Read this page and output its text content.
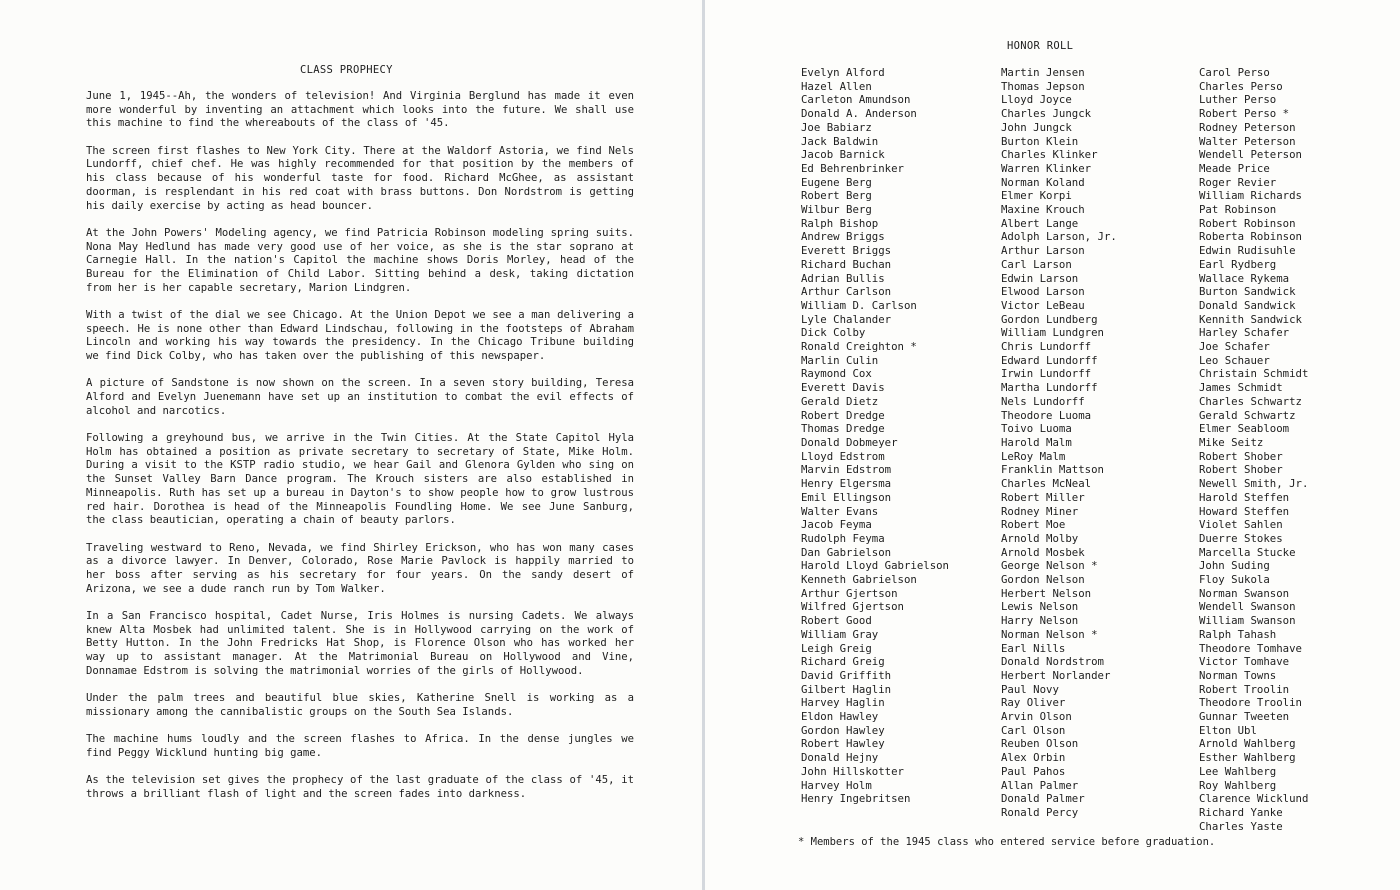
CLASS PROPHECY

June 1, 1945--Ah, the wonders of television! And Virginia Berglund has made it even more wonderful by inventing an attachment which looks into the future. We shall use this machine to find the whereabouts of the class of '45.

The screen first flashes to New York City. There at the Waldorf Astoria, we find Nels Lundorff, chief chef. He was highly recommended for that position by the members of his class because of his wonderful taste for food. Richard McGhee, as assistant doorman, is resplendant in his red coat with brass buttons. Don Nordstrom is getting his daily exercise by acting as head bouncer.

At the John Powers' Modeling agency, we find Patricia Robinson modeling spring suits. Nona May Hedlund has made very good use of her voice, as she is the star soprano at Carnegie Hall. In the nation's Capitol the machine shows Doris Morley, head of the Bureau for the Elimination of Child Labor. Sitting behind a desk, taking dictation from her is her capable secretary, Marion Lindgren.

With a twist of the dial we see Chicago. At the Union Depot we see a man delivering a speech. He is none other than Edward Lindschau, following in the footsteps of Abraham Lincoln and working his way towards the presidency. In the Chicago Tribune building we find Dick Colby, who has taken over the publishing of this newspaper.

A picture of Sandstone is now shown on the screen. In a seven story building, Teresa Alford and Evelyn Juenemann have set up an institution to combat the evil effects of alcohol and narcotics.

Following a greyhound bus, we arrive in the Twin Cities. At the State Capitol Hyla Holm has obtained a position as private secretary to secretary of State, Mike Holm. During a visit to the KSTP radio studio, we hear Gail and Glenora Gylden who sing on the Sunset Valley Barn Dance program. The Krouch sisters are also established in Minneapolis. Ruth has set up a bureau in Dayton's to show people how to grow lustrous red hair. Dorothea is head of the Minneapolis Foundling Home. We see June Sanburg, the class beautician, operating a chain of beauty parlors.

Traveling westward to Reno, Nevada, we find Shirley Erickson, who has won many cases as a divorce lawyer. In Denver, Colorado, Rose Marie Pavlock is happily married to her boss after serving as his secretary for four years. On the sandy desert of Arizona, we see a dude ranch run by Tom Walker.

In a San Francisco hospital, Cadet Nurse, Iris Holmes is nursing Cadets. We always knew Alta Mosbek had unlimited talent. She is in Hollywood carrying on the work of Betty Hutton. In the John Fredricks Hat Shop, is Florence Olson who has worked her way up to assistant manager. At the Matrimonial Bureau on Hollywood and Vine, Donnamae Edstrom is solving the matrimonial worries of the girls of Hollywood.

Under the palm trees and beautiful blue skies, Katherine Snell is working as a missionary among the cannibalistic groups on the South Sea Islands.

The machine hums loudly and the screen flashes to Africa. In the dense jungles we find Peggy Wicklund hunting big game.

As the television set gives the prophecy of the last graduate of the class of '45, it throws a brilliant flash of light and the screen fades into darkness.

HONOR ROLL
Evelyn Alford
Hazel Allen
Carleton Amundson
Donald A. Anderson
Joe Babiarz
Jack Baldwin
Jacob Barnick
Ed Behrenbrinker
Eugene Berg
Robert Berg
Wilbur Berg
Ralph Bishop
Andrew Briggs
Everett Briggs
Richard Buchan
Adrian Bullis
Arthur Carlson
William D. Carlson
Lyle Chalander
Dick Colby
Ronald Creighton *
Marlin Culin
Raymond Cox
Everett Davis
Gerald Dietz
Robert Dredge
Thomas Dredge
Donald Dobmeyer
Lloyd Edstrom
Marvin Edstrom
Henry Elgersma
Emil Ellingson
Walter Evans
Jacob Feyma
Rudolph Feyma
Dan Gabrielson
Harold Lloyd Gabrielson
Kenneth Gabrielson
Arthur Gjertson
Wilfred Gjertson
Robert Good
William Gray
Leigh Greig
Richard Greig
David Griffith
Gilbert Haglin
Harvey Haglin
Eldon Hawley
Gordon Hawley
Robert Hawley
Donald Hejny
John Hillskotter
Harvey Holm
Henry Ingebritsen
Martin Jensen
Thomas Jepson
Lloyd Joyce
Charles Jungck
John Jungck
Burton Klein
Charles Klinker
Warren Klinker
Norman Koland
Elmer Korpi
Maxine Krouch
Albert Lange
Adolph Larson, Jr.
Arthur Larson
Carl Larson
Edwin Larson
Elwood Larson
Victor LeBeau
Gordon Lundberg
William Lundgren
Chris Lundorff
Edward Lundorff
Irwin Lundorff
Martha Lundorff
Nels Lundorff
Theodore Luoma
Toivo Luoma
Harold Malm
LeRoy Malm
Franklin Mattson
Charles McNeal
Robert Miller
Rodney Miner
Robert Moe
Arnold Molby
Arnold Mosbek
George Nelson *
Gordon Nelson
Herbert Nelson
Lewis Nelson
Harry Nelson
Norman Nelson *
Earl Nills
Donald Nordstrom
Herbert Norlander
Paul Novy
Ray Oliver
Arvin Olson
Carl Olson
Reuben Olson
Alex Orbin
Paul Pahos
Allan Palmer
Donald Palmer
Ronald Percy
Carol Perso
Charles Perso
Luther Perso
Robert Perso *
Rodney Peterson
Walter Peterson
Wendell Peterson
Meade Price
Roger Revier
William Richards
Pat Robinson
Robert Robinson
Roberta Robinson
Edwin Rudisuhle
Earl Rydberg
Wallace Rykema
Burton Sandwick
Donald Sandwick
Kennith Sandwick
Harley Schafer
Joe Schafer
Leo Schauer
Christain Schmidt
James Schmidt
Charles Schwartz
Gerald Schwartz
Elmer Seabloom
Mike Seitz
Robert Shober
Robert Shober
Newell Smith, Jr.
Harold Steffen
Howard Steffen
Violet Sahlen
Duerre Stokes
Marcella Stucke
John Suding
Floy Sukola
Norman Swanson
Wendell Swanson
William Swanson
Ralph Tahash
Theodore Tomhave
Victor Tomhave
Norman Towns
Robert Troolin
Theodore Troolin
Gunnar Tweeten
Elton Ubl
Arnold Wahlberg
Esther Wahlberg
Lee Wahlberg
Roy Wahlberg
Clarence Wicklund
Richard Yanke
Charles Yaste
* Members of the 1945 class who entered service before graduation.
